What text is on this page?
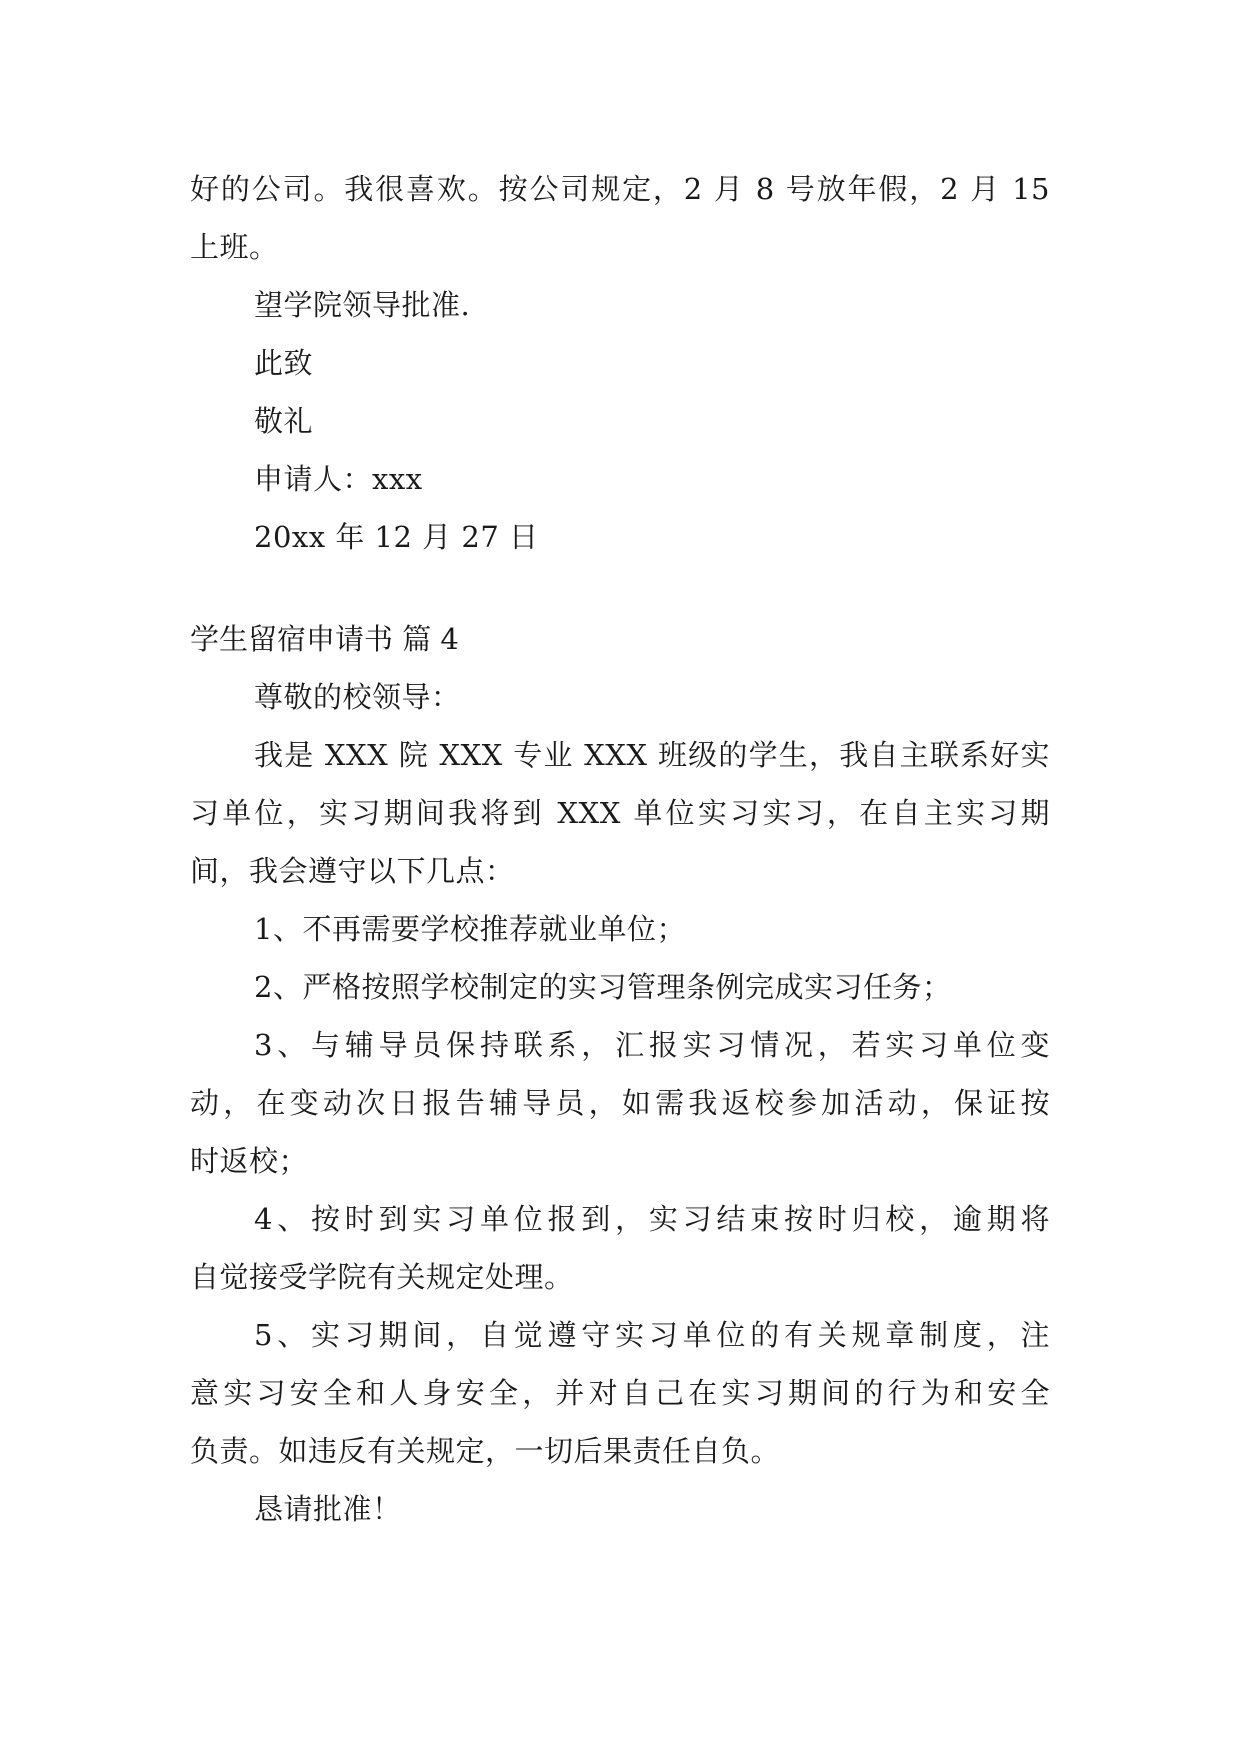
好的公司。我很喜欢。按公司规定，2 月 8 号放年假，2 月 15
上班。
望学院领导批准.
此致
敬礼
申请人：xxx
20xx 年 12 月 27 日
学生留宿申请书 篇 4
尊敬的校领导：
我是 XXX 院 XXX 专业 XXX 班级的学生，我自主联系好实
习单位，实习期间我将到 XXX 单位实习实习，在自主实习期
间，我会遵守以下几点：
1、不再需要学校推荐就业单位；
2、严格按照学校制定的实习管理条例完成实习任务；
3、与辅导员保持联系，汇报实习情况，若实习单位变
动，在变动次日报告辅导员，如需我返校参加活动，保证按
时返校；
4、按时到实习单位报到，实习结束按时归校，逾期将
自觉接受学院有关规定处理。
5、实习期间，自觉遵守实习单位的有关规章制度，注
意实习安全和人身安全，并对自己在实习期间的行为和安全
负责。如违反有关规定，一切后果责任自负。
恳请批准！
